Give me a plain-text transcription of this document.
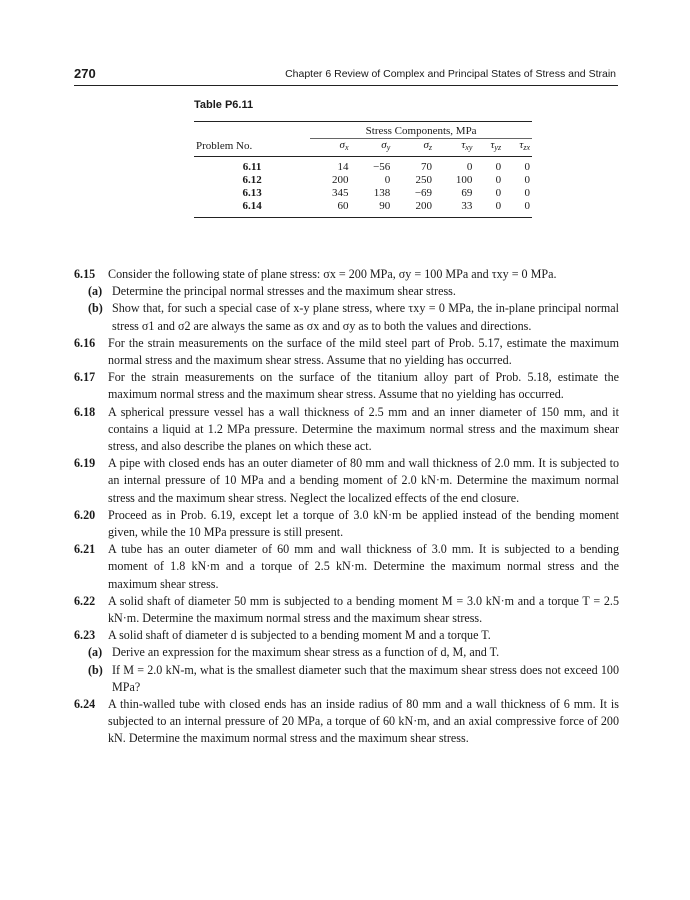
270	Chapter 6 Review of Complex and Principal States of Stress and Strain
Table P6.11
	Stress Components, MPa					
Problem No.	$\sigma_x$	$\sigma_y$	$\sigma_z$	$\tau_{xy}$	$\tau_{yz}$	$\tau_{zx}$
6.11	14	−56	70	0	0	0
6.12	200	0	250	100	0	0
6.13	345	138	−69	69	0	0
6.14	60	90	200	33	0	0
6.15 Consider the following state of plane stress: σx = 200 MPa, σy = 100 MPa and τxy = 0 MPa.
(a) Determine the principal normal stresses and the maximum shear stress.
(b) Show that, for such a special case of x-y plane stress, where τxy = 0 MPa, the in-plane principal normal stress σ1 and σ2 are always the same as σx and σy as to both the values and directions.
6.16 For the strain measurements on the surface of the mild steel part of Prob. 5.17, estimate the maximum normal stress and the maximum shear stress. Assume that no yielding has occurred.
6.17 For the strain measurements on the surface of the titanium alloy part of Prob. 5.18, estimate the maximum normal stress and the maximum shear stress. Assume that no yielding has occurred.
6.18 A spherical pressure vessel has a wall thickness of 2.5 mm and an inner diameter of 150 mm, and it contains a liquid at 1.2 MPa pressure. Determine the maximum normal stress and the maximum shear stress, and also describe the planes on which these act.
6.19 A pipe with closed ends has an outer diameter of 80 mm and wall thickness of 2.0 mm. It is subjected to an internal pressure of 10 MPa and a bending moment of 2.0 kN·m. Determine the maximum normal stress and the maximum shear stress. Neglect the localized effects of the end closure.
6.20 Proceed as in Prob. 6.19, except let a torque of 3.0 kN·m be applied instead of the bending moment given, while the 10 MPa pressure is still present.
6.21 A tube has an outer diameter of 60 mm and wall thickness of 3.0 mm. It is subjected to a bending moment of 1.8 kN·m and a torque of 2.5 kN·m. Determine the maximum normal stress and the maximum shear stress.
6.22 A solid shaft of diameter 50 mm is subjected to a bending moment M = 3.0 kN·m and a torque T = 2.5 kN·m. Determine the maximum normal stress and the maximum shear stress.
6.23 A solid shaft of diameter d is subjected to a bending moment M and a torque T.
(a) Derive an expression for the maximum shear stress as a function of d, M, and T.
(b) If M = 2.0 kN-m, what is the smallest diameter such that the maximum shear stress does not exceed 100 MPa?
6.24 A thin-walled tube with closed ends has an inside radius of 80 mm and a wall thickness of 6 mm. It is subjected to an internal pressure of 20 MPa, a torque of 60 kN·m, and an axial compressive force of 200 kN. Determine the maximum normal stress and the maximum shear stress.
